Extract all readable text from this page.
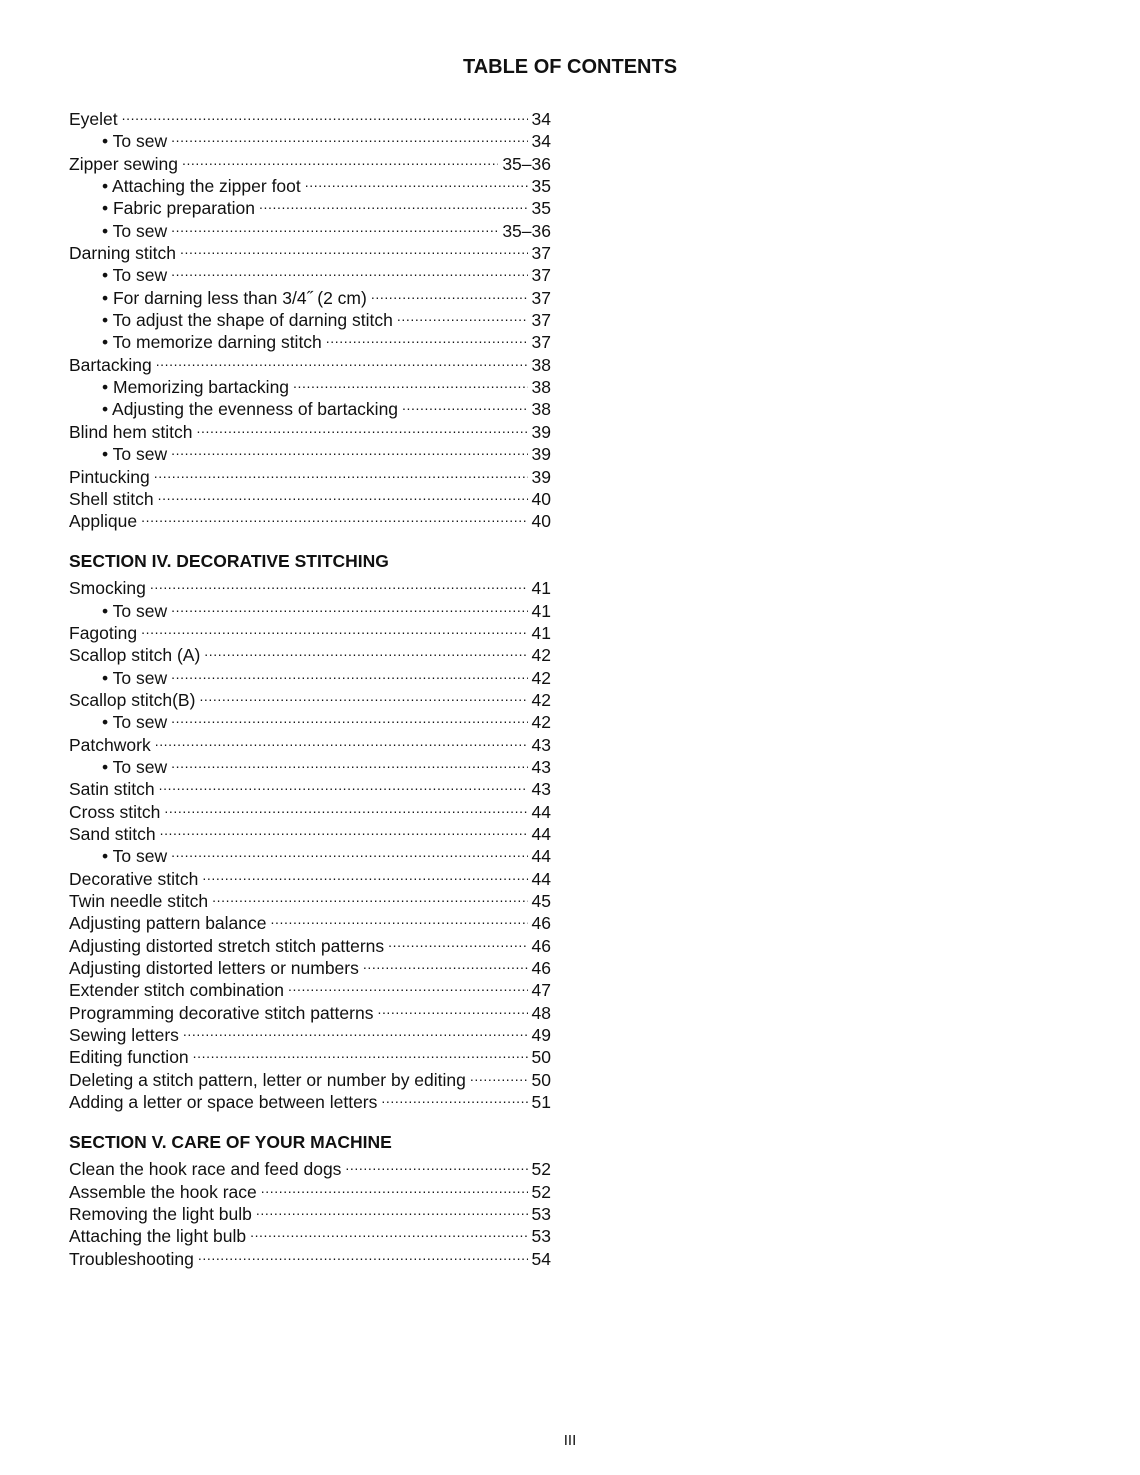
TABLE OF CONTENTS
Eyelet .....	34
• To sew .....	34
Zipper sewing .....	35–36
• Attaching the zipper foot .....	35
• Fabric preparation .....	35
• To sew .....	35–36
Darning stitch .....	37
• To sew .....	37
• For darning less than 3/4˝ (2 cm) .....	37
• To adjust the shape of darning stitch .....	37
• To memorize darning stitch .....	37
Bartacking .....	38
• Memorizing bartacking .....	38
• Adjusting the evenness of bartacking .....	38
Blind hem stitch .....	39
• To sew .....	39
Pintucking .....	39
Shell stitch .....	40
Applique .....	40
SECTION IV. DECORATIVE STITCHING
Smocking .....	41
• To sew .....	41
Fagoting .....	41
Scallop stitch (A) .....	42
• To sew .....	42
Scallop stitch(B) .....	42
• To sew .....	42
Patchwork .....	43
• To sew .....	43
Satin stitch .....	43
Cross stitch .....	44
Sand stitch .....	44
• To sew .....	44
Decorative stitch .....	44
Twin needle stitch .....	45
Adjusting pattern balance .....	46
Adjusting distorted stretch stitch patterns .....	46
Adjusting distorted letters or numbers .....	46
Extender stitch combination .....	47
Programming decorative stitch patterns .....	48
Sewing letters .....	49
Editing function .....	50
Deleting a stitch pattern, letter or number by editing .....	50
Adding a letter or space between letters .....	51
SECTION V. CARE OF YOUR MACHINE
Clean the hook race and feed dogs .....	52
Assemble the hook race .....	52
Removing the light bulb .....	53
Attaching the light bulb .....	53
Troubleshooting .....	54
III
